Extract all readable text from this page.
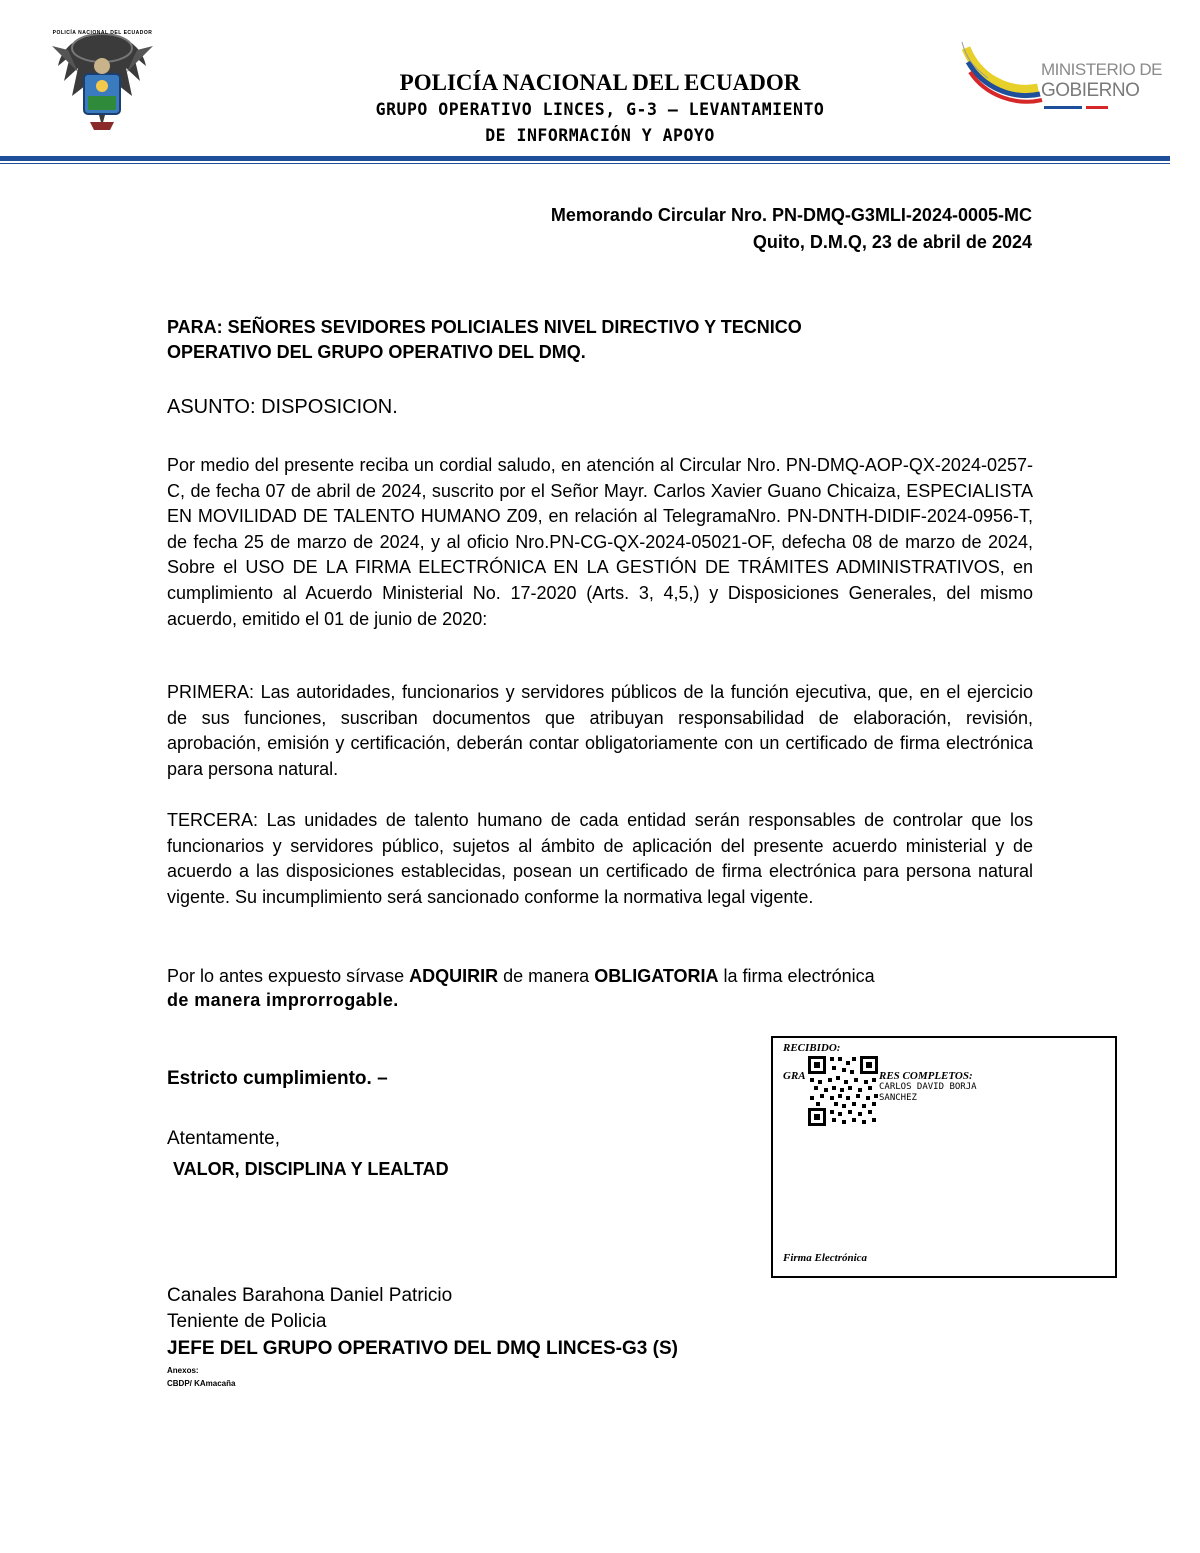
POLICÍA NACIONAL DEL ECUADOR
MINISTERIO DE
GOBIERNO
POLICÍA NACIONAL DEL ECUADOR
GRUPO OPERATIVO LINCES, G-3 – LEVANTAMIENTO
DE INFORMACIÓN Y APOYO
Memorando Circular Nro. PN-DMQ-G3MLI-2024-0005-MC
Quito, D.M.Q, 23 de abril de 2024
PARA: SEÑORES SEVIDORES POLICIALES NIVEL DIRECTIVO Y TECNICO
OPERATIVO DEL GRUPO OPERATIVO DEL DMQ.
ASUNTO: DISPOSICION.
Por medio del presente reciba un cordial saludo, en atención al Circular Nro. PN-DMQ-AOP-QX-2024-0257-C, de fecha 07 de abril de 2024, suscrito por el Señor Mayr. Carlos Xavier Guano Chicaiza, ESPECIALISTA EN MOVILIDAD DE TALENTO HUMANO Z09, en relación al TelegramaNro. PN-DNTH-DIDIF-2024-0956-T, de fecha 25 de marzo de 2024, y al oficio Nro.PN-CG-QX-2024-05021-OF, defecha 08 de marzo de 2024, Sobre el USO DE LA FIRMA ELECTRÓNICA EN LA GESTIÓN DE TRÁMITES ADMINISTRATIVOS, en cumplimiento al Acuerdo Ministerial No. 17-2020 (Arts. 3, 4,5,) y Disposiciones Generales, del mismo acuerdo, emitido el 01 de junio de 2020:
PRIMERA: Las autoridades, funcionarios y servidores públicos de la función ejecutiva, que, en el ejercicio de sus funciones, suscriban documentos que atribuyan responsabilidad de elaboración, revisión, aprobación, emisión y certificación, deberán contar obligatoriamente con un certificado de firma electrónica para persona natural.
TERCERA: Las unidades de talento humano de cada entidad serán responsables de controlar que los funcionarios y servidores público, sujetos al ámbito de aplicación del presente acuerdo ministerial y de acuerdo a las disposiciones establecidas, posean un certificado de firma electrónica para persona natural vigente. Su incumplimiento será sancionado conforme la normativa legal vigente.
Por lo antes expuesto sírvase ADQUIRIR de manera OBLIGATORIA la firma electrónica
de manera improrrogable.
Estricto cumplimiento. –
Atentamente,
VALOR, DISCIPLINA Y LEALTAD
RECIBIDO:
GRA	RES COMPLETOS:
CARLOS DAVID BORJA
SANCHEZ
Firma Electrónica
Canales Barahona Daniel Patricio
Teniente de Policia
JEFE DEL GRUPO OPERATIVO DEL DMQ LINCES-G3 (S)
Anexos:
CBDP/ KAmacaña
